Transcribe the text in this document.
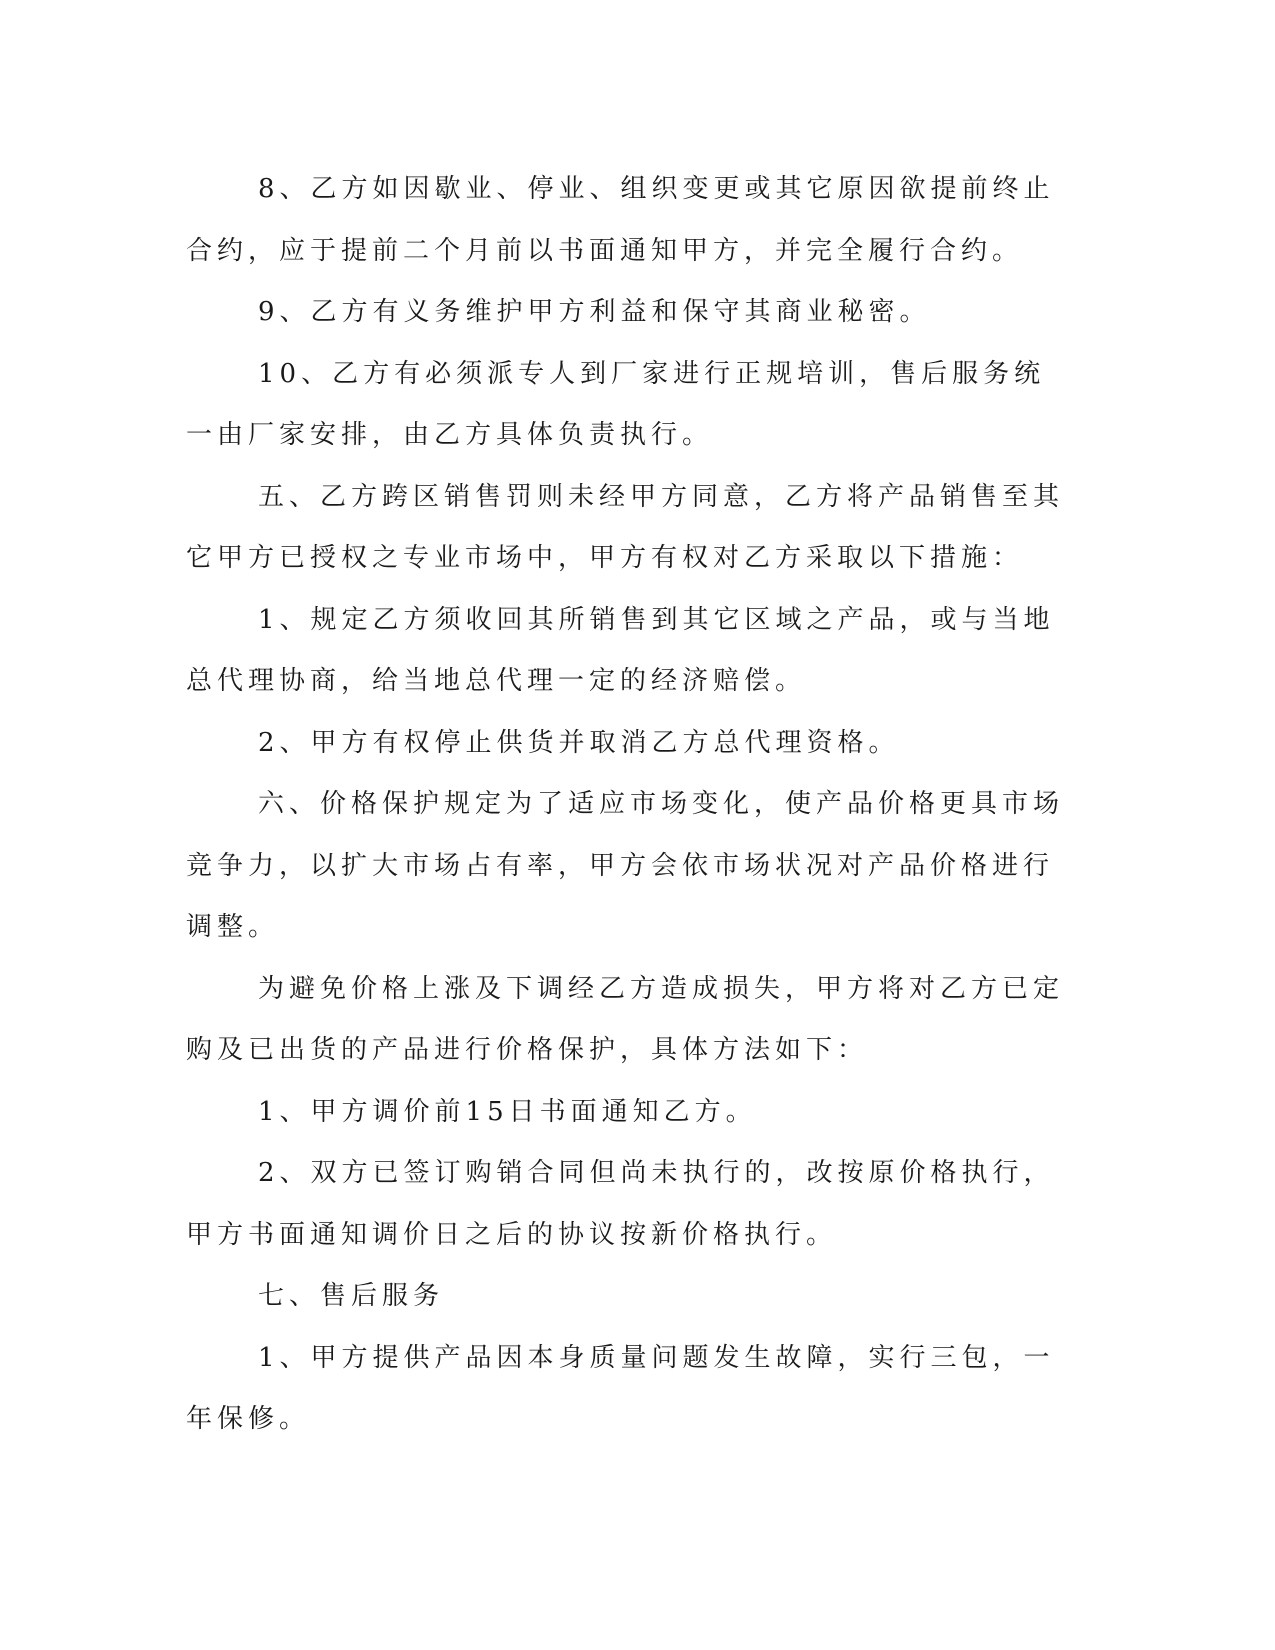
8、乙方如因歇业、停业、组织变更或其它原因欲提前终止合约，应于提前二个月前以书面通知甲方，并完全履行合约。

9、乙方有义务维护甲方利益和保守其商业秘密。

10、乙方有必须派专人到厂家进行正规培训，售后服务统一由厂家安排，由乙方具体负责执行。

五、乙方跨区销售罚则未经甲方同意，乙方将产品销售至其它甲方已授权之专业市场中，甲方有权对乙方采取以下措施：

1、规定乙方须收回其所销售到其它区域之产品，或与当地总代理协商，给当地总代理一定的经济赔偿。

2、甲方有权停止供货并取消乙方总代理资格。

六、价格保护规定为了适应市场变化，使产品价格更具市场竞争力，以扩大市场占有率，甲方会依市场状况对产品价格进行调整。

为避免价格上涨及下调经乙方造成损失，甲方将对乙方已定购及已出货的产品进行价格保护，具体方法如下：

1、甲方调价前15日书面通知乙方。

2、双方已签订购销合同但尚未执行的，改按原价格执行，甲方书面通知调价日之后的协议按新价格执行。

七、售后服务

1、甲方提供产品因本身质量问题发生故障，实行三包，一年保修。
